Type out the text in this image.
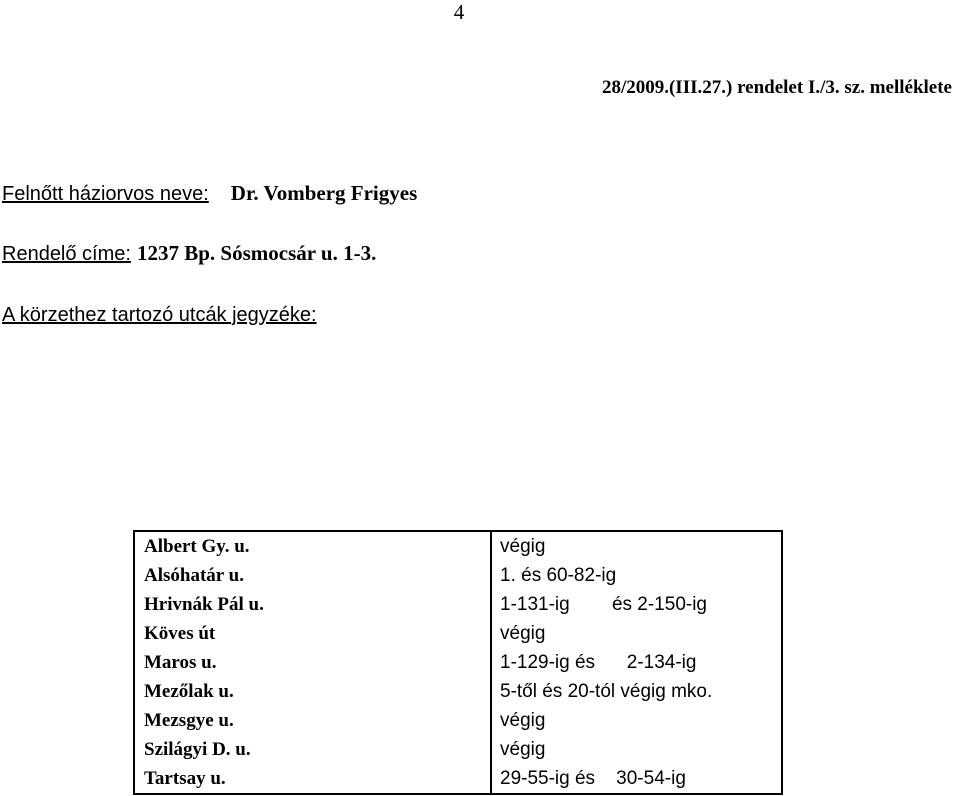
4
28/2009.(III.27.) rendelet I./3. sz. melléklete
Felnőtt háziorvos neve: Dr. Vomberg Frigyes
Rendelő címe: 1237 Bp. Sósmocsár u. 1-3.
A körzethez tartozó utcák jegyzéke:
Albert Gy. u.	végig
Alsóhatár u.	1. és 60-82-ig
Hrivnák Pál u.	1-131-ig        és 2-150-ig
Köves út	végig
Maros u.	1-129-ig és      2-134-ig
Mezőlak u.	5-től és 20-tól végig mko.
Mezsgye u.	végig
Szilágyi D. u.	végig
Tartsay u.	29-55-ig és    30-54-ig
